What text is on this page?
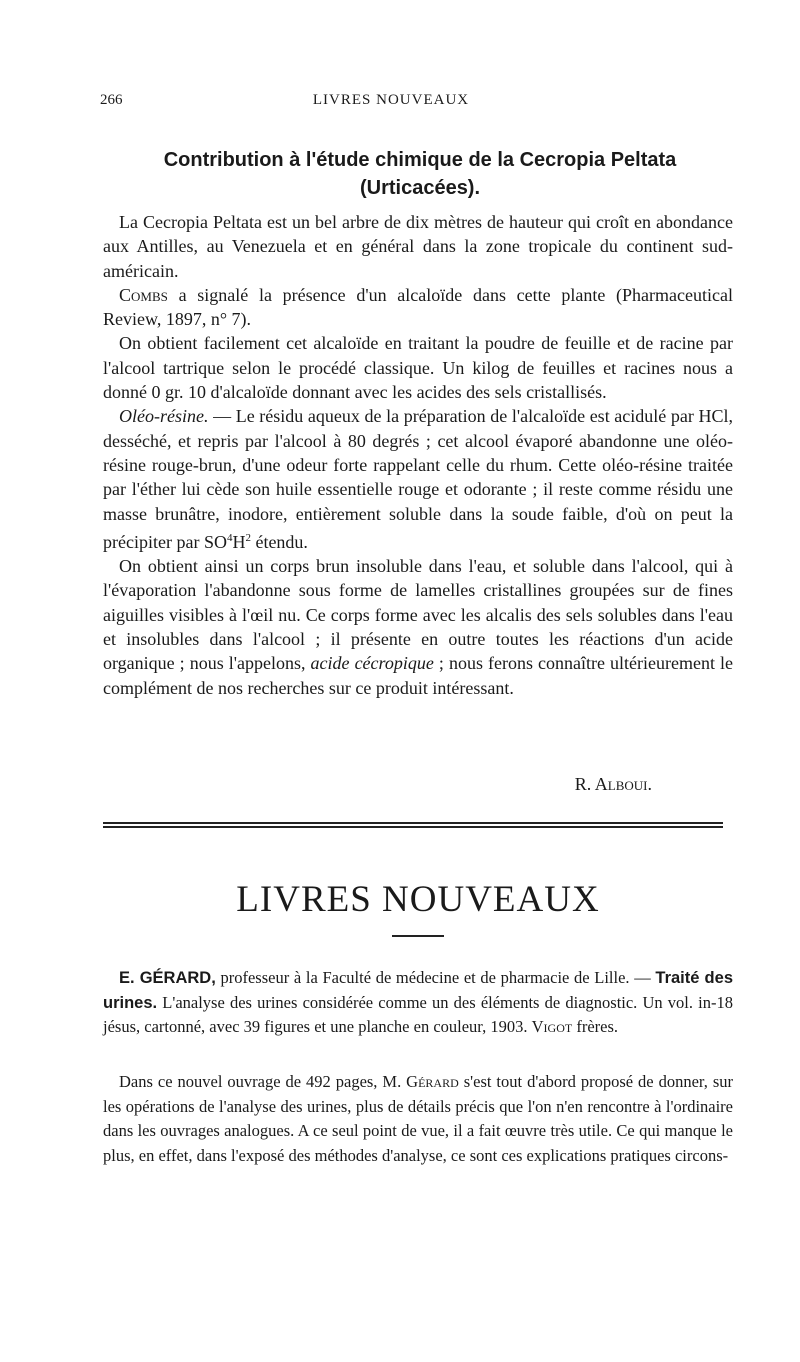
266	LIVRES NOUVEAUX
Contribution à l'étude chimique de la Cecropia Peltata
(Urticacées).

La Cecropia Peltata est un bel arbre de dix mètres de hauteur qui croît en abondance aux Antilles, au Venezuela et en général dans la zone tropicale du continent sud-américain.

Combs a signalé la présence d'un alcaloïde dans cette plante (Pharmaceutical Review, 1897, n° 7).

On obtient facilement cet alcaloïde en traitant la poudre de feuille et de racine par l'alcool tartrique selon le procédé classique. Un kilog de feuilles et racines nous a donné 0 gr. 10 d'alcaloïde donnant avec les acides des sels cristallisés.

Oléo-résine. — Le résidu aqueux de la préparation de l'alcaloïde est acidulé par HCl, desséché, et repris par l'alcool à 80 degrés ; cet alcool évaporé abandonne une oléo-résine rouge-brun, d'une odeur forte rappelant celle du rhum. Cette oléo-résine traitée par l'éther lui cède son huile essentielle rouge et odorante ; il reste comme résidu une masse brunâtre, inodore, entièrement soluble dans la soude faible, d'où on peut la précipiter par $SO^4H^2$ étendu.

On obtient ainsi un corps brun insoluble dans l'eau, et soluble dans l'alcool, qui à l'évaporation l'abandonne sous forme de lamelles cristallines groupées sur de fines aiguilles visibles à l'œil nu. Ce corps forme avec les alcalis des sels solubles dans l'eau et insolubles dans l'alcool ; il présente en outre toutes les réactions d'un acide organique ; nous l'appelons, acide cécropique ; nous ferons connaître ultérieurement le complément de nos recherches sur ce produit intéressant.

R. Alboui.
LIVRES NOUVEAUX

E. GÉRARD, professeur à la Faculté de médecine et de pharmacie de Lille. — Traité des urines. L'analyse des urines considérée comme un des éléments de diagnostic. Un vol. in-18 jésus, cartonné, avec 39 figures et une planche en couleur, 1903. Vigot frères.

Dans ce nouvel ouvrage de 492 pages, M. Gérard s'est tout d'abord proposé de donner, sur les opérations de l'analyse des urines, plus de détails précis que l'on n'en rencontre à l'ordinaire dans les ouvrages analogues. A ce seul point de vue, il a fait œuvre très utile. Ce qui manque le plus, en effet, dans l'exposé des méthodes d'analyse, ce sont ces explications pratiques circons-
